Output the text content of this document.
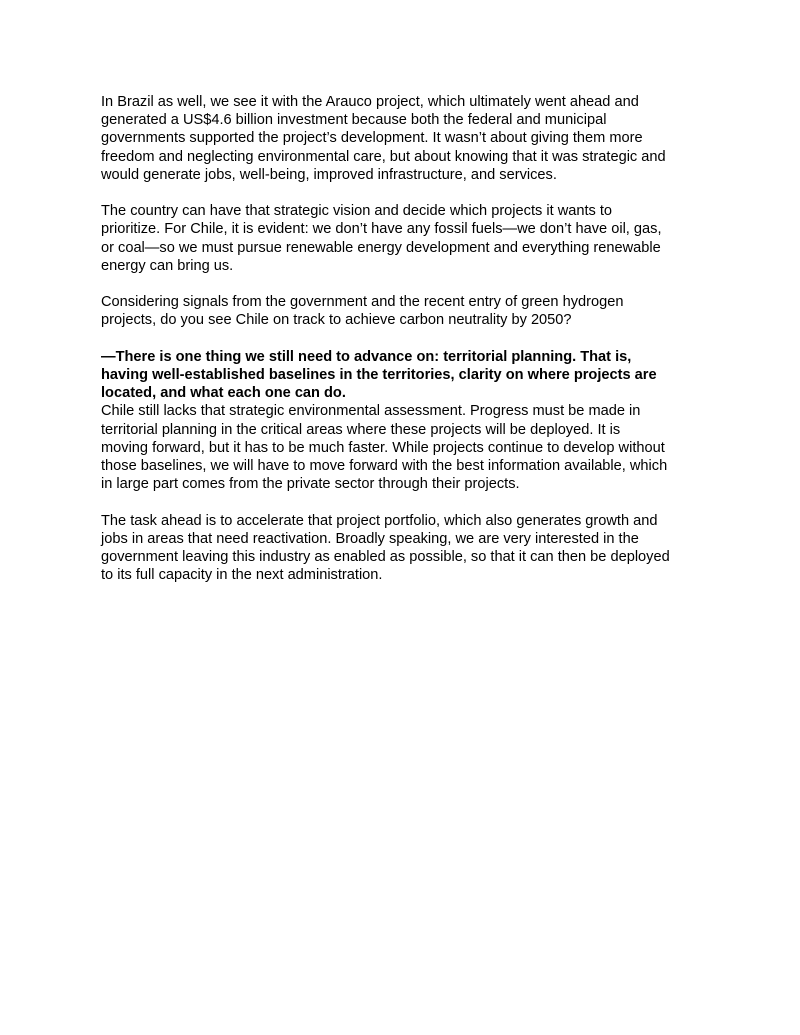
In Brazil as well, we see it with the Arauco project, which ultimately went ahead and
generated a US$4.6 billion investment because both the federal and municipal
governments supported the project’s development. It wasn’t about giving them more
freedom and neglecting environmental care, but about knowing that it was strategic and
would generate jobs, well-being, improved infrastructure, and services.

The country can have that strategic vision and decide which projects it wants to
prioritize. For Chile, it is evident: we don’t have any fossil fuels—we don’t have oil, gas,
or coal—so we must pursue renewable energy development and everything renewable
energy can bring us.

Considering signals from the government and the recent entry of green hydrogen
projects, do you see Chile on track to achieve carbon neutrality by 2050?

—There is one thing we still need to advance on: territorial planning. That is,
having well-established baselines in the territories, clarity on where projects are
located, and what each one can do.

Chile still lacks that strategic environmental assessment. Progress must be made in
territorial planning in the critical areas where these projects will be deployed. It is
moving forward, but it has to be much faster. While projects continue to develop without
those baselines, we will have to move forward with the best information available, which
in large part comes from the private sector through their projects.

The task ahead is to accelerate that project portfolio, which also generates growth and
jobs in areas that need reactivation. Broadly speaking, we are very interested in the
government leaving this industry as enabled as possible, so that it can then be deployed
to its full capacity in the next administration.
